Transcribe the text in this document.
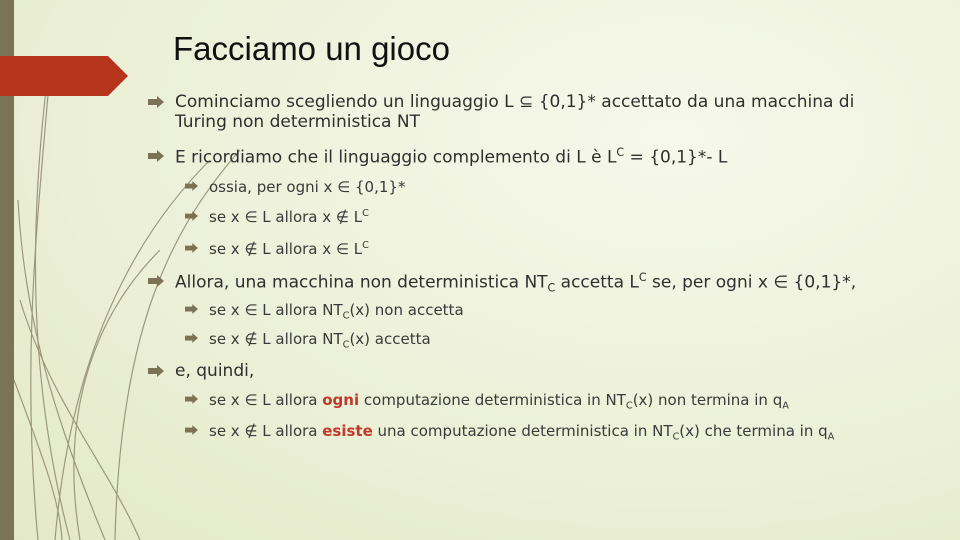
Facciamo un gioco
Cominciamo scegliendo un linguaggio L ⊆ {0,1}* accettato da una macchina di
Turing non deterministica NT
E ricordiamo che il linguaggio complemento di L è $L^C = \{0,1\}*-$ L
ossia, per ogni x ∈ {0,1}*
se x ∈ L allora x ∉ $L^C$
se x ∉ L allora x ∈ $L^C$
Allora, una macchina non deterministica $NT_C$ accetta $L^C$ se, per ogni x ∈ {0,1}*,
se x ∈ L allora $NT_C(x)$ non accetta
se x ∉ L allora $NT_C(x)$ accetta
e, quindi,
se x ∈ L allora ogni computazione deterministica in $NT_C(x)$ non termina in $q_A$
se x ∉ L allora esiste una computazione deterministica in $NT_C(x)$ che termina in $q_A$
